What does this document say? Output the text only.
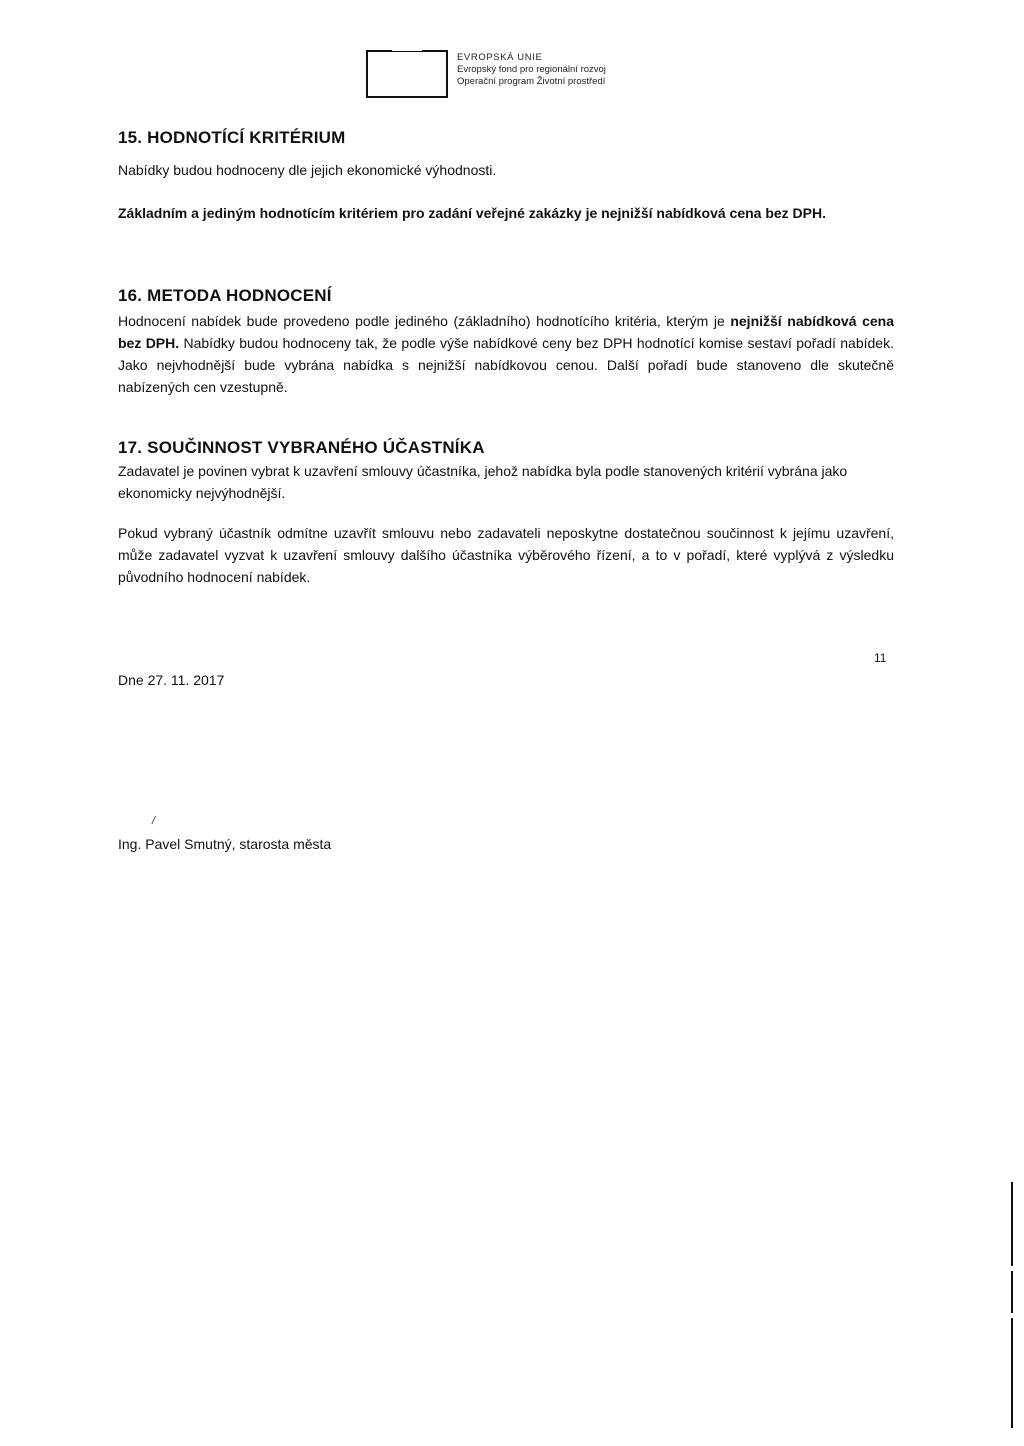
EVROPSKÁ UNIE
Evropský fond pro regionální rozvoj
Operační program Životní prostředí
15. HODNOTÍCÍ KRITÉRIUM

Nabídky budou hodnoceny dle jejich ekonomické výhodnosti.

Základním a jediným hodnotícím kritériem pro zadání veřejné zakázky je nejnižší nabídková cena bez DPH.

16. METODA HODNOCENÍ

Hodnocení nabídek bude provedeno podle jediného (základního) hodnotícího kritéria, kterým je nejnižší nabídková cena bez DPH. Nabídky budou hodnoceny tak, že podle výše nabídkové ceny bez DPH hodnotící komise sestaví pořadí nabídek. Jako nejvhodnější bude vybrána nabídka s nejnižší nabídkovou cenou. Další pořadí bude stanoveno dle skutečně nabízených cen vzestupně.

17. SOUČINNOST VYBRANÉHO ÚČASTNÍKA

Zadavatel je povinen vybrat k uzavření smlouvy účastníka, jehož nabídka byla podle stanovených kritérií vybrána jako ekonomicky nejvýhodnější.

Pokud vybraný účastník odmítne uzavřít smlouvu nebo zadavateli neposkytne dostatečnou součinnost k jejímu uzavření, může zadavatel vyzvat k uzavření smlouvy dalšího účastníka výběrového řízení, a to v pořadí, které vyplývá z výsledku původního hodnocení nabídek.

Dne 27. 11. 2017

/

Ing. Pavel Smutný, starosta města

11
